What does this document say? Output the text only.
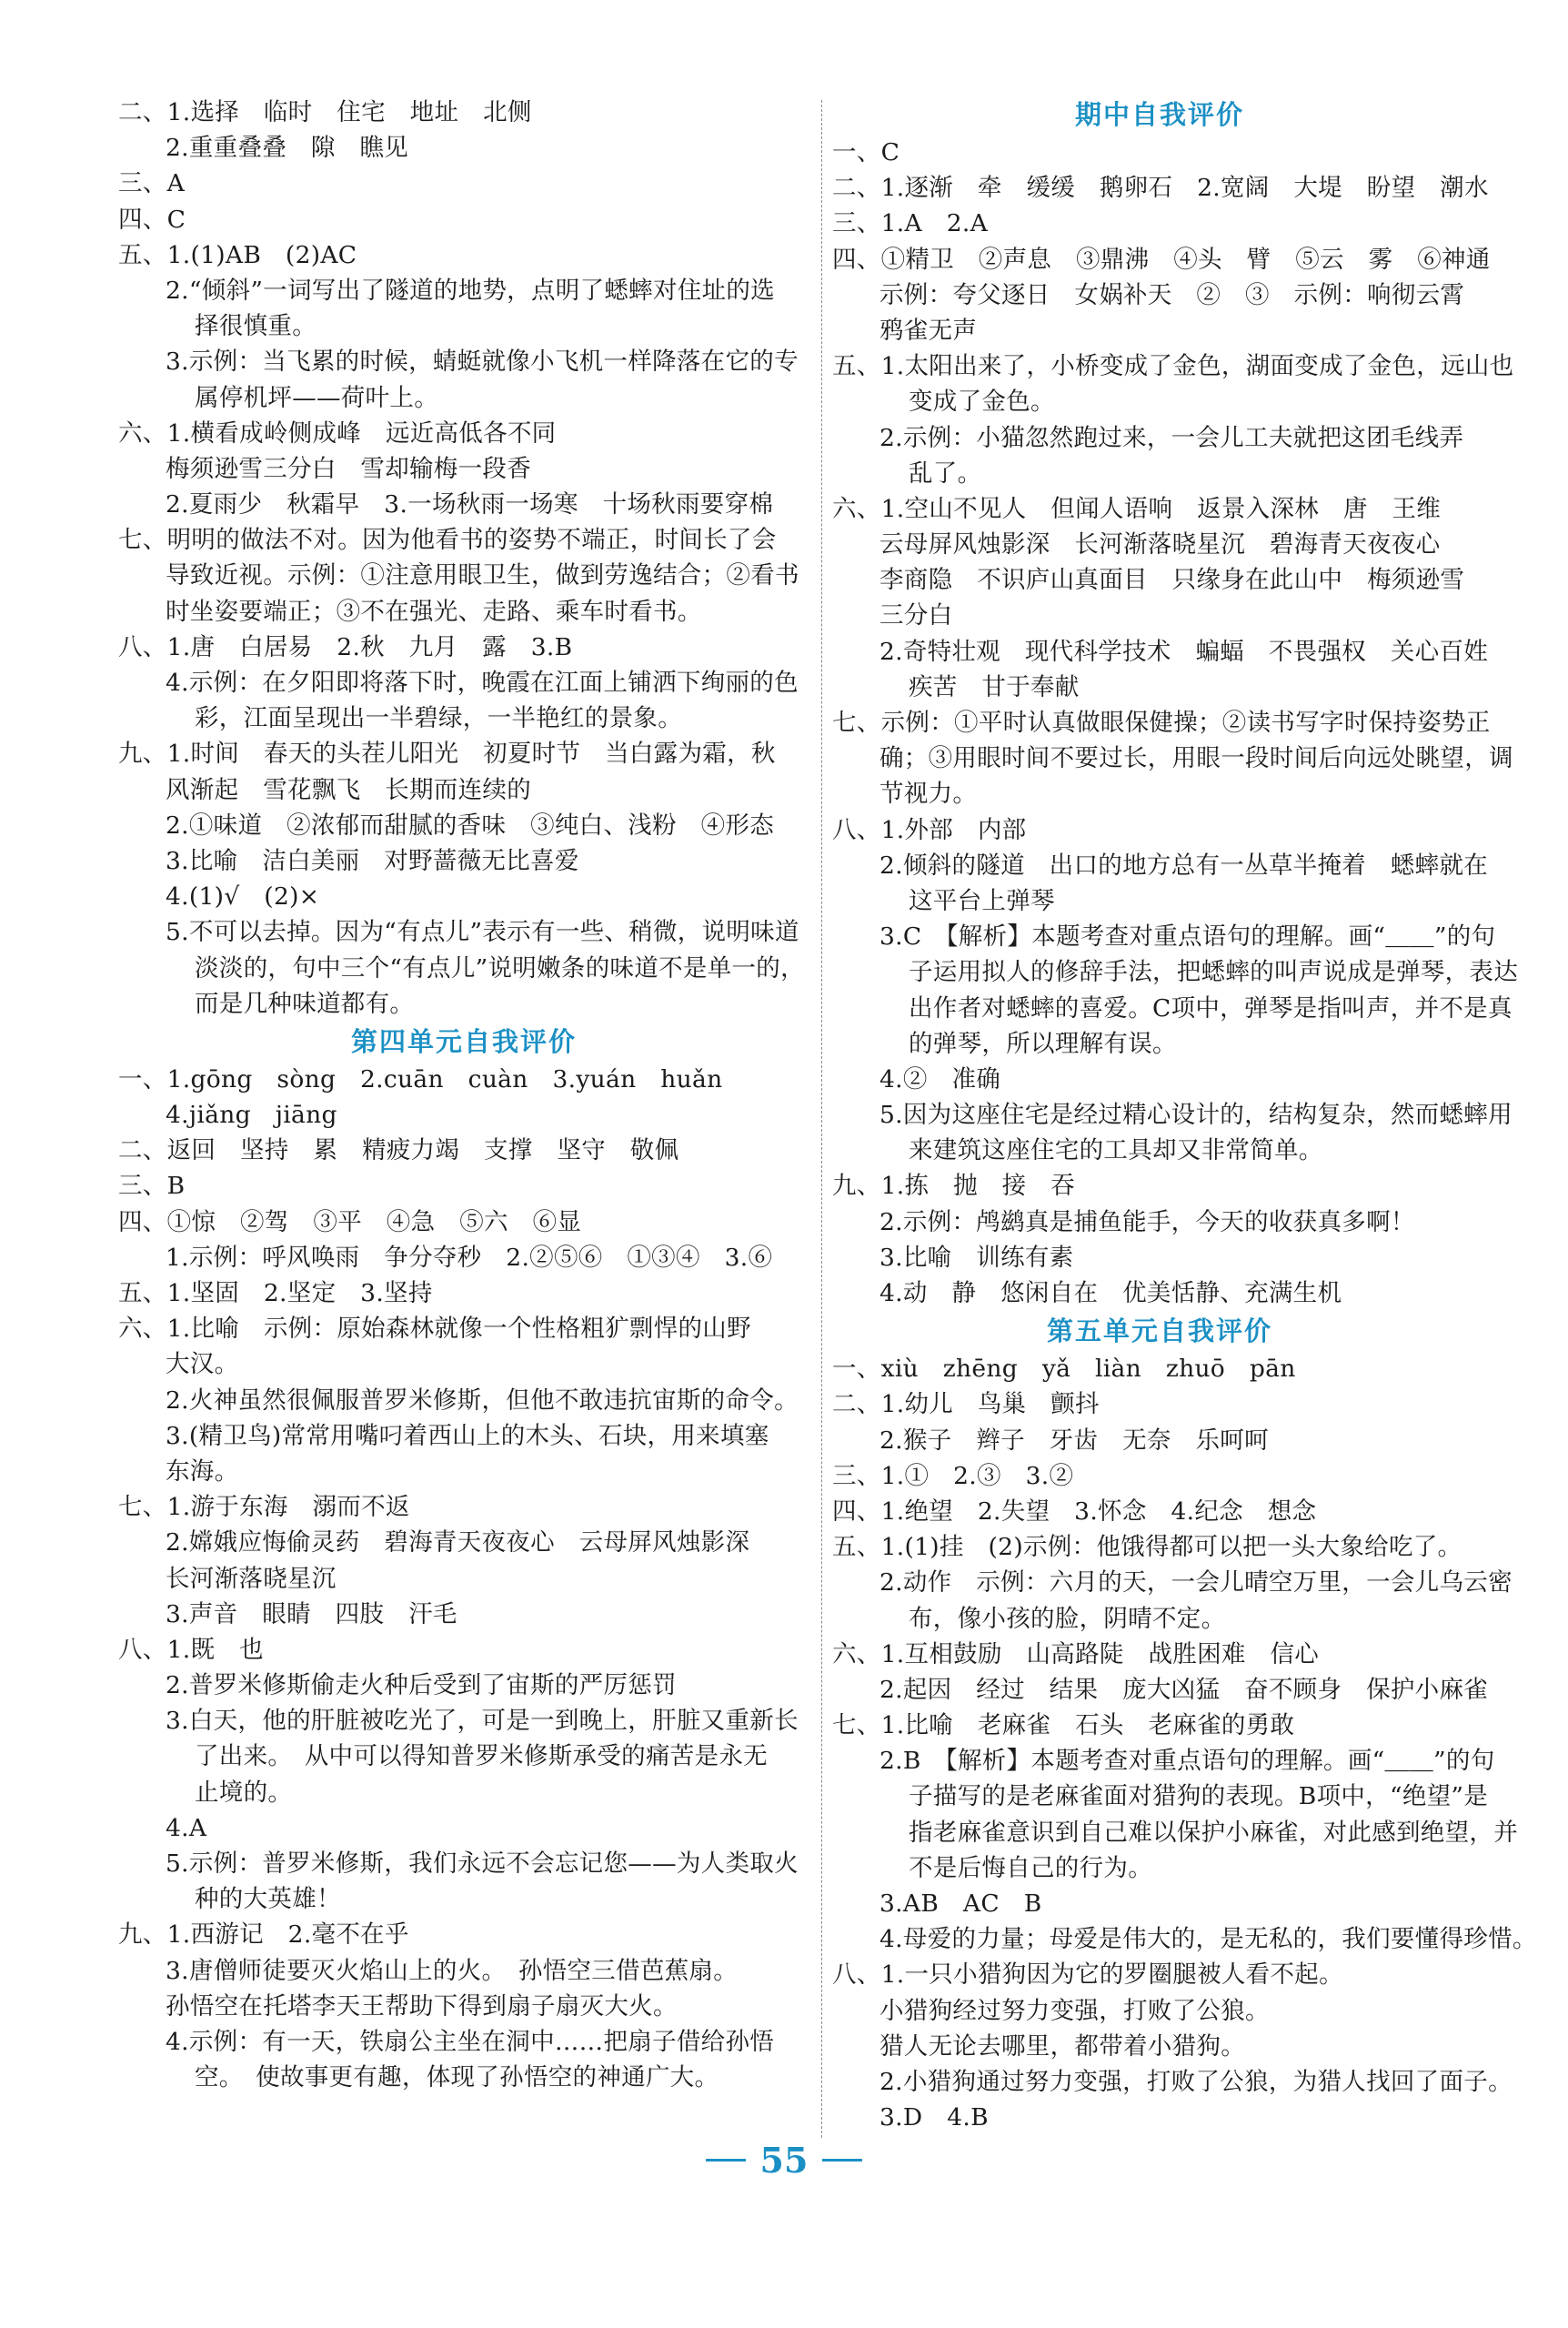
二、1.选择　临时　住宅　地址　北侧
2.重重叠叠　隙　瞧见
三、A
四、C
五、1.(1)AB　(2)AC
2.“倾斜”一词写出了隧道的地势，点明了蟋蟀对住址的选
择很慎重。
3.示例：当飞累的时候，蜻蜓就像小飞机一样降落在它的专
属停机坪——荷叶上。
六、1.横看成岭侧成峰　远近高低各不同
梅须逊雪三分白　雪却输梅一段香
2.夏雨少　秋霜早　3.一场秋雨一场寒　十场秋雨要穿棉
七、明明的做法不对。因为他看书的姿势不端正，时间长了会
导致近视。示例：①注意用眼卫生，做到劳逸结合；②看书
时坐姿要端正；③不在强光、走路、乘车时看书。
八、1.唐　白居易　2.秋　九月　露　3.B
4.示例：在夕阳即将落下时，晚霞在江面上铺洒下绚丽的色
彩，江面呈现出一半碧绿，一半艳红的景象。
九、1.时间　春天的头茬儿阳光　初夏时节　当白露为霜，秋
风渐起　雪花飘飞　长期而连续的
2.①味道　②浓郁而甜腻的香味　③纯白、浅粉　④形态
3.比喻　洁白美丽　对野蔷薇无比喜爱
4.(1)√　(2)×
5.不可以去掉。因为“有点儿”表示有一些、稍微，说明味道
淡淡的，句中三个“有点儿”说明嫩条的味道不是单一的，
而是几种味道都有。
第四单元自我评价
一、1.gōng　sòng　2.cuān　cuàn　3.yuán　huǎn
4.jiǎng　jiāng
二、返回　坚持　累　精疲力竭　支撑　坚守　敬佩
三、B
四、①惊　②驾　③平　④急　⑤六　⑥显
1.示例：呼风唤雨　争分夺秒　2.②⑤⑥　①③④　3.⑥
五、1.坚固　2.坚定　3.坚持
六、1.比喻　示例：原始森林就像一个性格粗犷剽悍的山野
大汉。
2.火神虽然很佩服普罗米修斯，但他不敢违抗宙斯的命令。
3.(精卫鸟)常常用嘴叼着西山上的木头、石块，用来填塞
东海。
七、1.游于东海　溺而不返
2.嫦娥应悔偷灵药　碧海青天夜夜心　云母屏风烛影深
长河渐落晓星沉
3.声音　眼睛　四肢　汗毛
八、1.既　也
2.普罗米修斯偷走火种后受到了宙斯的严厉惩罚
3.白天，他的肝脏被吃光了，可是一到晚上，肝脏又重新长
了出来。　从中可以得知普罗米修斯承受的痛苦是永无
止境的。
4.A
5.示例：普罗米修斯，我们永远不会忘记您——为人类取火
种的大英雄！
九、1.西游记　2.毫不在乎
3.唐僧师徒要灭火焰山上的火。　孙悟空三借芭蕉扇。
孙悟空在托塔李天王帮助下得到扇子扇灭大火。
4.示例：有一天，铁扇公主坐在洞中……把扇子借给孙悟
空。　使故事更有趣，体现了孙悟空的神通广大。
期中自我评价
一、C
二、1.逐渐　牵　缓缓　鹅卵石　2.宽阔　大堤　盼望　潮水
三、1.A　2.A
四、①精卫　②声息　③鼎沸　④头　臂　⑤云　雾　⑥神通
示例：夸父逐日　女娲补天　②　③　示例：响彻云霄
鸦雀无声
五、1.太阳出来了，小桥变成了金色，湖面变成了金色，远山也
变成了金色。
2.示例：小猫忽然跑过来，一会儿工夫就把这团毛线弄
乱了。
六、1.空山不见人　但闻人语响　返景入深林　唐　王维
云母屏风烛影深　长河渐落晓星沉　碧海青天夜夜心
李商隐　不识庐山真面目　只缘身在此山中　梅须逊雪
三分白
2.奇特壮观　现代科学技术　蝙蝠　不畏强权　关心百姓
疾苦　甘于奉献
七、示例：①平时认真做眼保健操；②读书写字时保持姿势正
确；③用眼时间不要过长，用眼一段时间后向远处眺望，调
节视力。
八、1.外部　内部
2.倾斜的隧道　出口的地方总有一丛草半掩着　蟋蟀就在
这平台上弹琴
3.C　【解析】本题考查对重点语句的理解。画“＿＿”的句
子运用拟人的修辞手法，把蟋蟀的叫声说成是弹琴，表达
出作者对蟋蟀的喜爱。C项中，弹琴是指叫声，并不是真
的弹琴，所以理解有误。
4.②　准确
5.因为这座住宅是经过精心设计的，结构复杂，然而蟋蟀用
来建筑这座住宅的工具却又非常简单。
九、1.拣　抛　接　吞
2.示例：鸬鹚真是捕鱼能手，今天的收获真多啊！
3.比喻　训练有素
4.动　静　悠闲自在　优美恬静、充满生机
第五单元自我评价
一、xiù　zhēng　yǎ　liàn　zhuō　pān
二、1.幼儿　鸟巢　颤抖
2.猴子　辫子　牙齿　无奈　乐呵呵
三、1.①　2.③　3.②
四、1.绝望　2.失望　3.怀念　4.纪念　想念
五、1.(1)挂　(2)示例：他饿得都可以把一头大象给吃了。
2.动作　示例：六月的天，一会儿晴空万里，一会儿乌云密
布，像小孩的脸，阴晴不定。
六、1.互相鼓励　山高路陡　战胜困难　信心
2.起因　经过　结果　庞大凶猛　奋不顾身　保护小麻雀
七、1.比喻　老麻雀　石头　老麻雀的勇敢
2.B　【解析】本题考查对重点语句的理解。画“＿＿”的句
子描写的是老麻雀面对猎狗的表现。B项中，“绝望”是
指老麻雀意识到自己难以保护小麻雀，对此感到绝望，并
不是后悔自己的行为。
3.AB　AC　B
4.母爱的力量；母爱是伟大的，是无私的，我们要懂得珍惜。
八、1.一只小猎狗因为它的罗圈腿被人看不起。
小猎狗经过努力变强，打败了公狼。
猎人无论去哪里，都带着小猎狗。
2.小猎狗通过努力变强，打败了公狼，为猎人找回了面子。
3.D　4.B
55
